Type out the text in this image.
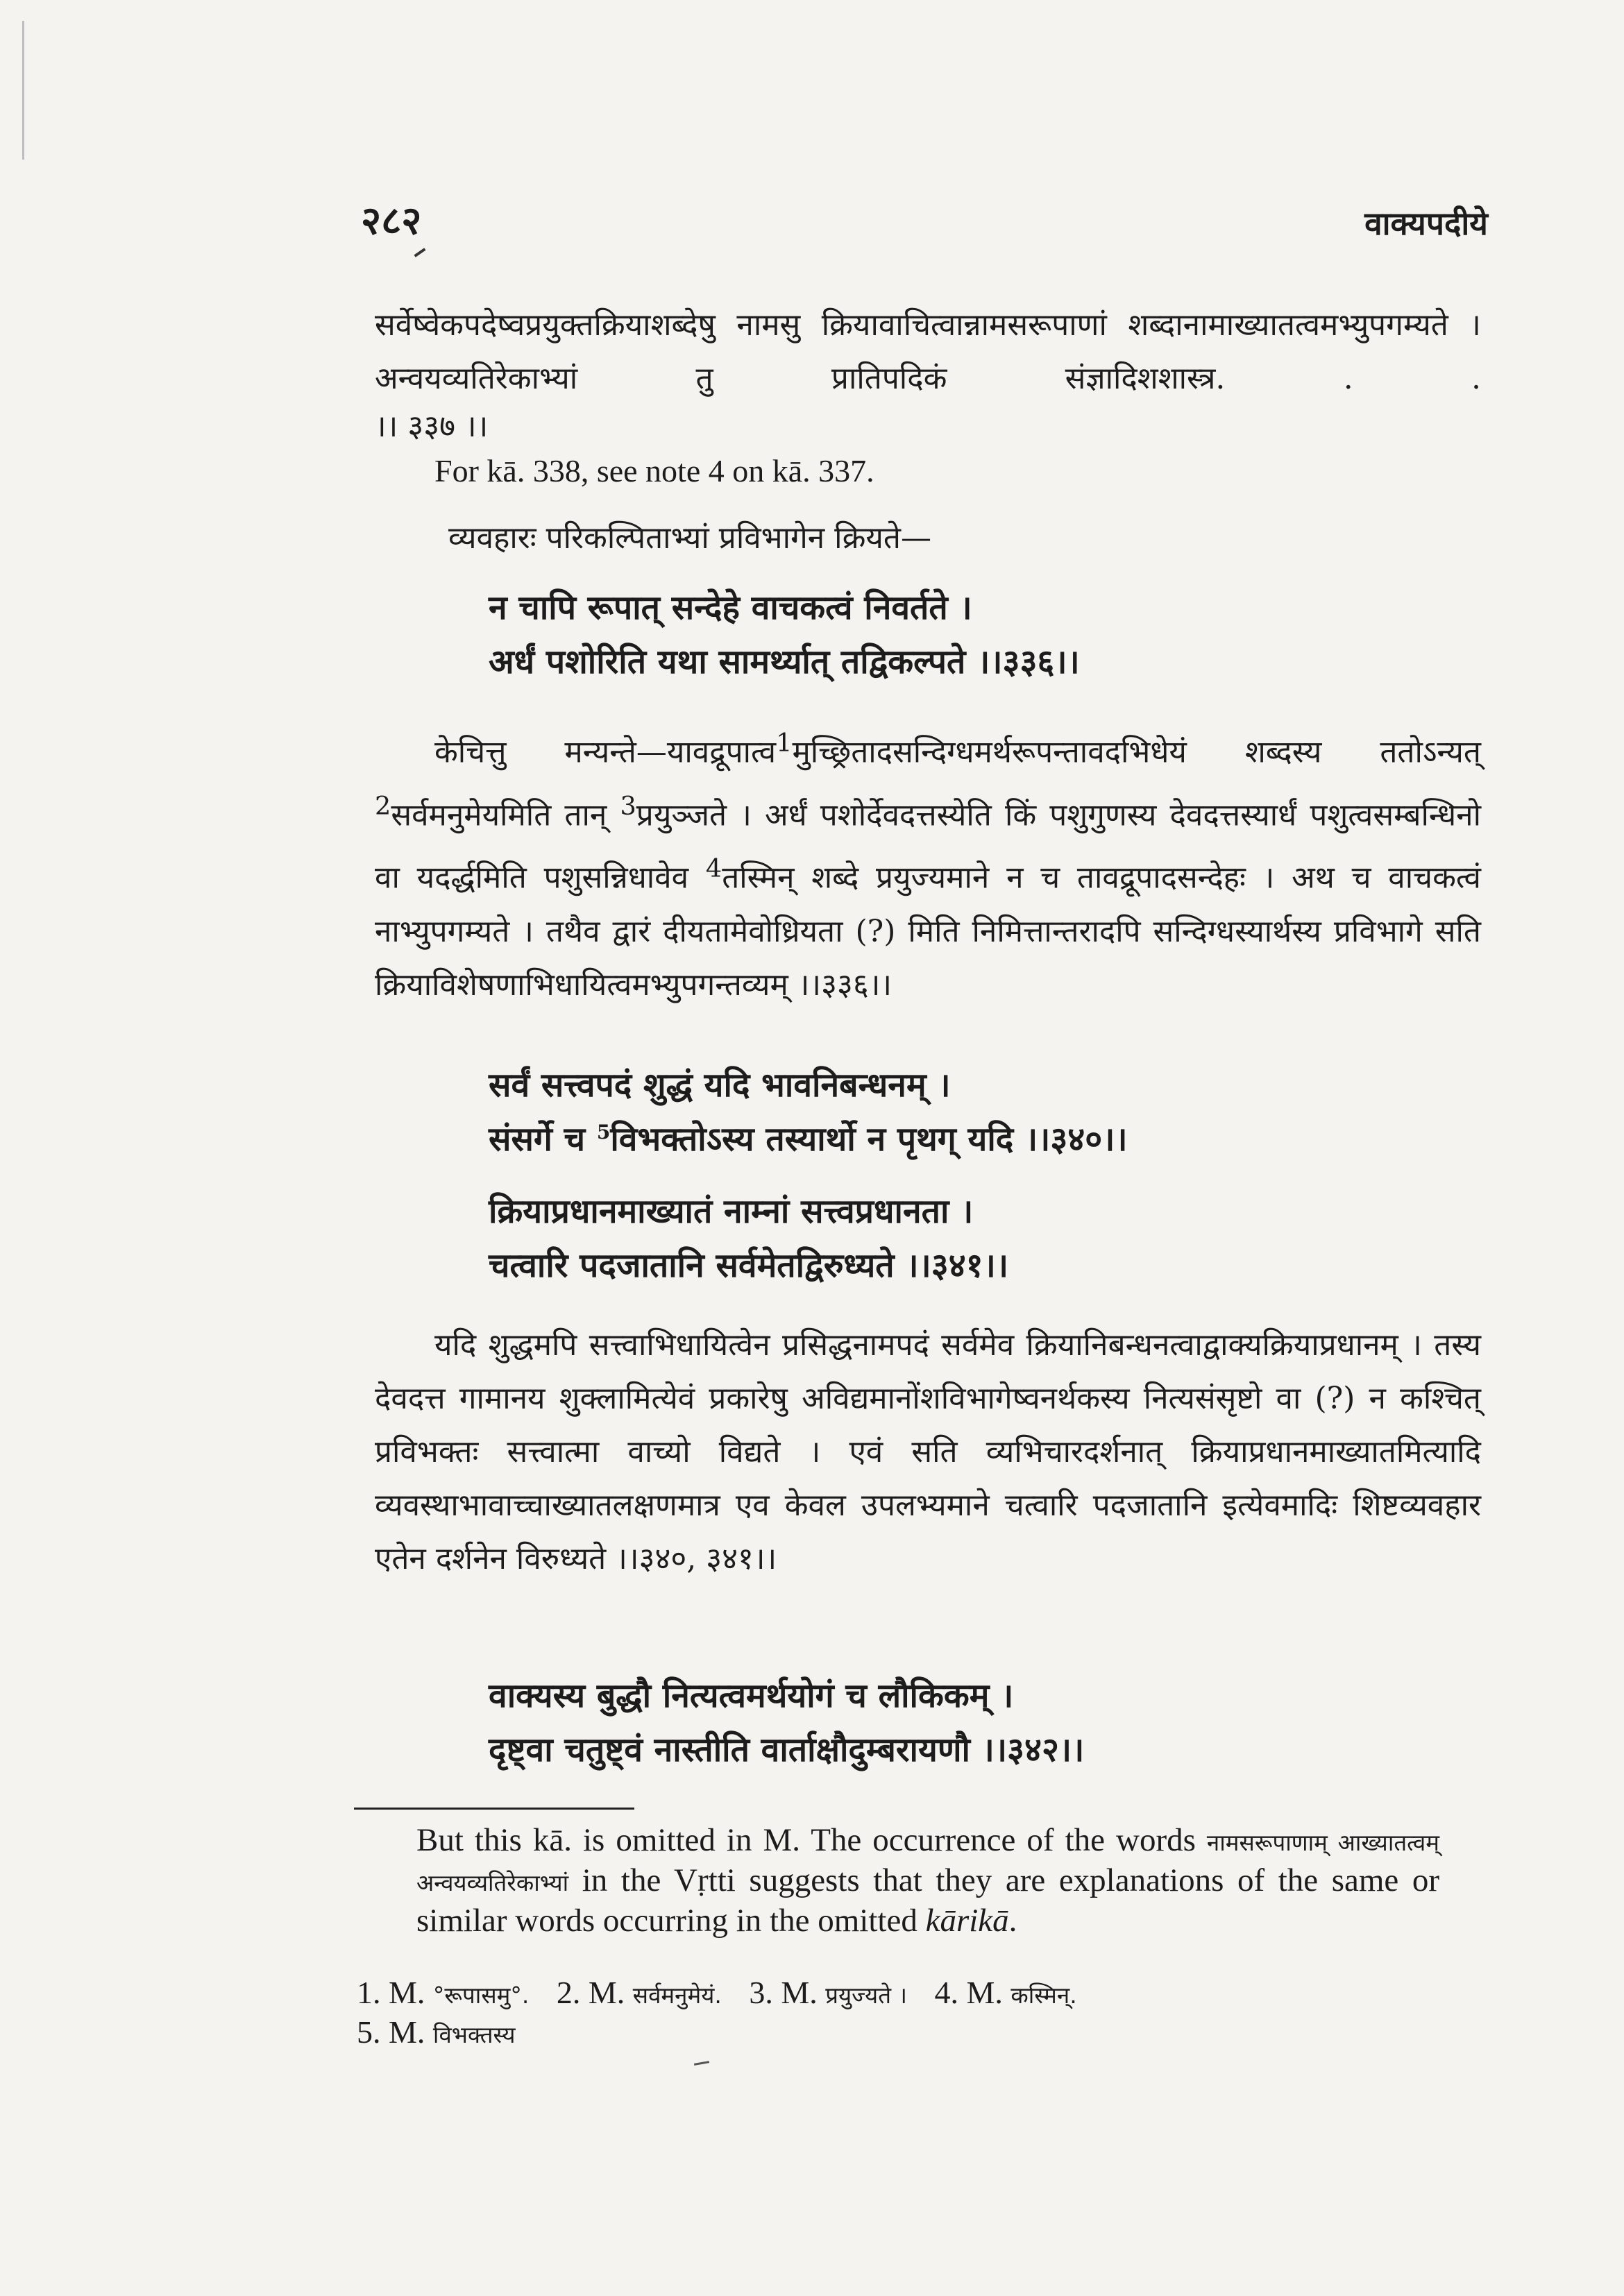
२८२	वाक्यपदीये
सर्वेष्वेकपदेष्वप्रयुक्तक्रियाशब्देषु नामसु क्रियावाचित्वान्नामसरूपाणां शब्दानामाख्यातत्वमभ्युपगम्यते । अन्वयव्यतिरेकाभ्यां तु प्रातिपदिकं संज्ञादिशशास्त्र. . .
।। ३३७ ।।
For kā. 338, see note 4 on kā. 337.
व्यवहारः परिकल्पिताभ्यां प्रविभागेन क्रियते—
न चापि रूपात् सन्देहे वाचकत्वं निवर्तते ।
अर्धं पशोरिति यथा सामर्थ्यात् तद्विकल्पते ।।३३६।।
केचित्तु मन्यन्ते—यावद्रूपात्व$^1$मुच्छ्रितादसन्दिग्धमर्थरूपन्तावदभिधेयं शब्दस्य ततोऽन्यत् $^2$सर्वमनुमेयमिति तान् $^3$प्रयुञ्जते । अर्धं पशोर्देवदत्तस्येति किं पशुगुणस्य देवदत्तस्यार्धं पशुत्वसम्बन्धिनो वा यदर्द्धमिति पशुसन्निधावेव $^4$तस्मिन् शब्दे प्रयुज्यमाने न च तावद्रूपादसन्देहः । अथ च वाचकत्वं नाभ्युपगम्यते । तथैव द्वारं दीयतामेवोध्रियता (?) मिति निमित्तान्तरादपि सन्दिग्धस्यार्थस्य प्रविभागे सति क्रियाविशेषणाभिधायित्वमभ्युपगन्तव्यम् ।।३३६।।
सर्वं सत्त्वपदं शुद्धं यदि भावनिबन्धनम् ।
संसर्गे च $^5$विभक्तोऽस्य तस्यार्थो न पृथग् यदि ।।३४०।।
क्रियाप्रधानमाख्यातं नाम्नां सत्त्वप्रधानता ।
चत्वारि पदजातानि सर्वमेतद्विरुध्यते ।।३४१।।
यदि शुद्धमपि सत्त्वाभिधायित्वेन प्रसिद्धनामपदं सर्वमेव क्रियानिबन्धनत्वाद्वाक्यक्रियाप्रधानम् । तस्य देवदत्त गामानय शुक्लामित्येवं प्रकारेषु अविद्यमानोंशविभागेष्वनर्थकस्य नित्यसंसृष्टो वा (?) न कश्चित् प्रविभक्तः सत्त्वात्मा वाच्यो विद्यते । एवं सति व्यभिचारदर्शनात् क्रियाप्रधानमाख्यातमित्यादि व्यवस्थाभावाच्चाख्यातलक्षणमात्र एव केवल उपलभ्यमाने चत्वारि पदजातानि इत्येवमादिः शिष्टव्यवहार एतेन दर्शनेन विरुध्यते ।।३४०, ३४१।।
वाक्यस्य बुद्धौ नित्यत्वमर्थयोगं च लौकिकम् ।
दृष्ट्वा चतुष्ट्वं नास्तीति वार्ताक्षौदुम्बरायणौ ।।३४२।।
But this kā. is omitted in M. The occurrence of the words नामसरूपाणाम् आख्यातत्वम् अन्वयव्यतिरेकाभ्यां in the Vṛtti suggests that they are explanations of the same or similar words occurring in the omitted kārikā.
1. M. °रूपासमु°. 2. M. सर्वमनुमेयं. 3. M. प्रयुज्यते । 4. M. कस्मिन्.
5. M. विभक्तस्य
